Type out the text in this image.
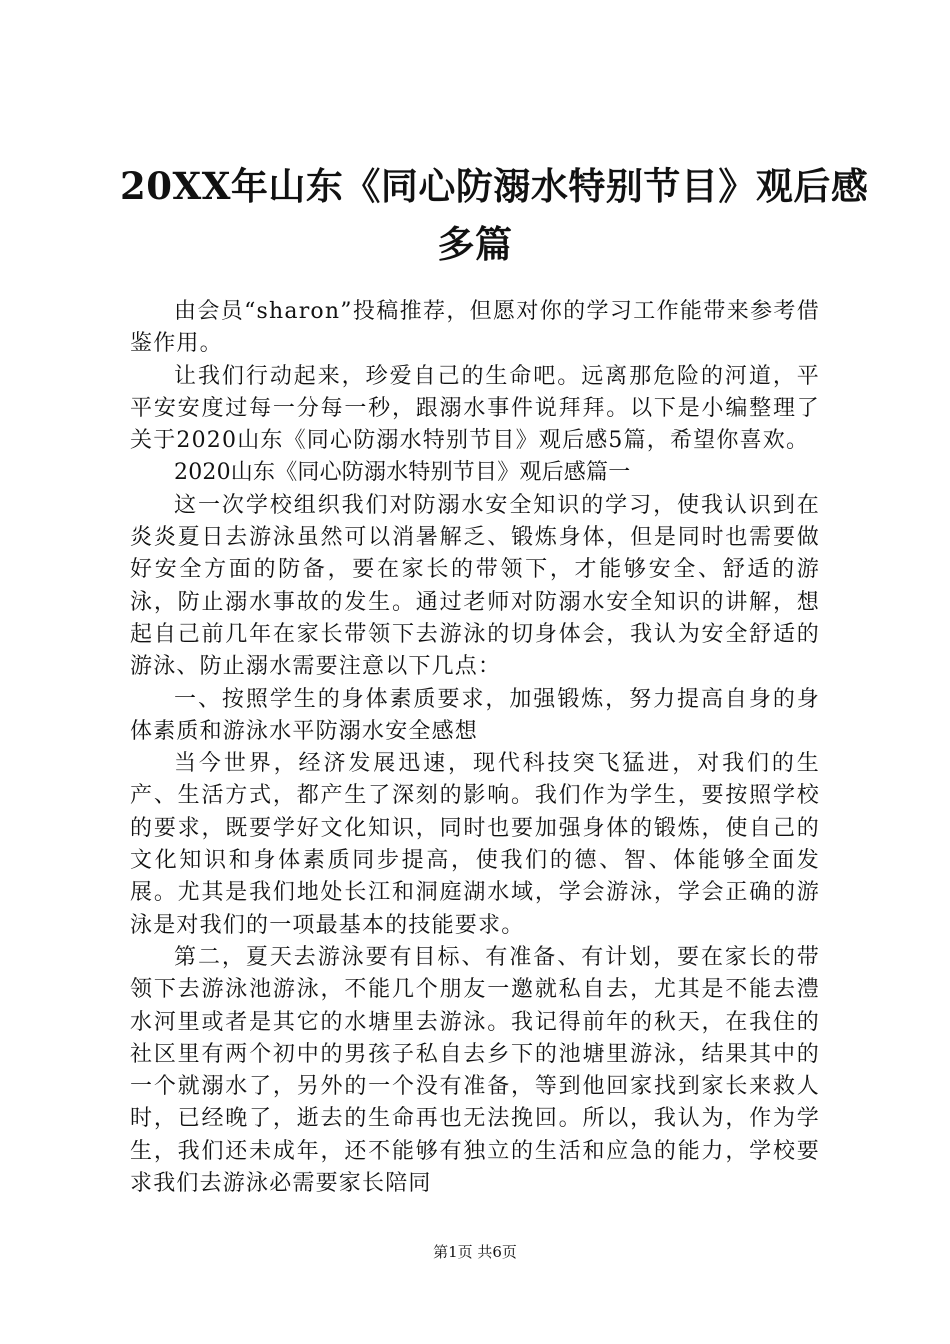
20XX年山东《同心防溺水特别节目》观后感
多篇

由会员“sharon”投稿推荐，但愿对你的学习工作能带来参考借鉴作用。

让我们行动起来，珍爱自己的生命吧。远离那危险的河道，平平安安度过每一分每一秒，跟溺水事件说拜拜。以下是小编整理了关于2020山东《同心防溺水特别节目》观后感5篇，希望你喜欢。

2020山东《同心防溺水特别节目》观后感篇一

这一次学校组织我们对防溺水安全知识的学习，使我认识到在炎炎夏日去游泳虽然可以消暑解乏、锻炼身体，但是同时也需要做好安全方面的防备，要在家长的带领下，才能够安全、舒适的游泳，防止溺水事故的发生。通过老师对防溺水安全知识的讲解，想起自己前几年在家长带领下去游泳的切身体会，我认为安全舒适的游泳、防止溺水需要注意以下几点：

一、按照学生的身体素质要求，加强锻炼，努力提高自身的身体素质和游泳水平防溺水安全感想

当今世界，经济发展迅速，现代科技突飞猛进，对我们的生产、生活方式，都产生了深刻的影响。我们作为学生，要按照学校的要求，既要学好文化知识，同时也要加强身体的锻炼，使自己的文化知识和身体素质同步提高，使我们的德、智、体能够全面发展。尤其是我们地处长江和洞庭湖水域，学会游泳，学会正确的游泳是对我们的一项最基本的技能要求。

第二，夏天去游泳要有目标、有准备、有计划，要在家长的带领下去游泳池游泳，不能几个朋友一邀就私自去，尤其是不能去澧水河里或者是其它的水塘里去游泳。我记得前年的秋天，在我住的社区里有两个初中的男孩子私自去乡下的池塘里游泳，结果其中的一个就溺水了，另外的一个没有准备，等到他回家找到家长来救人时，已经晚了，逝去的生命再也无法挽回。所以，我认为，作为学生，我们还未成年，还不能够有独立的生活和应急的能力，学校要求我们去游泳必需要家长陪同

第1页 共6页
